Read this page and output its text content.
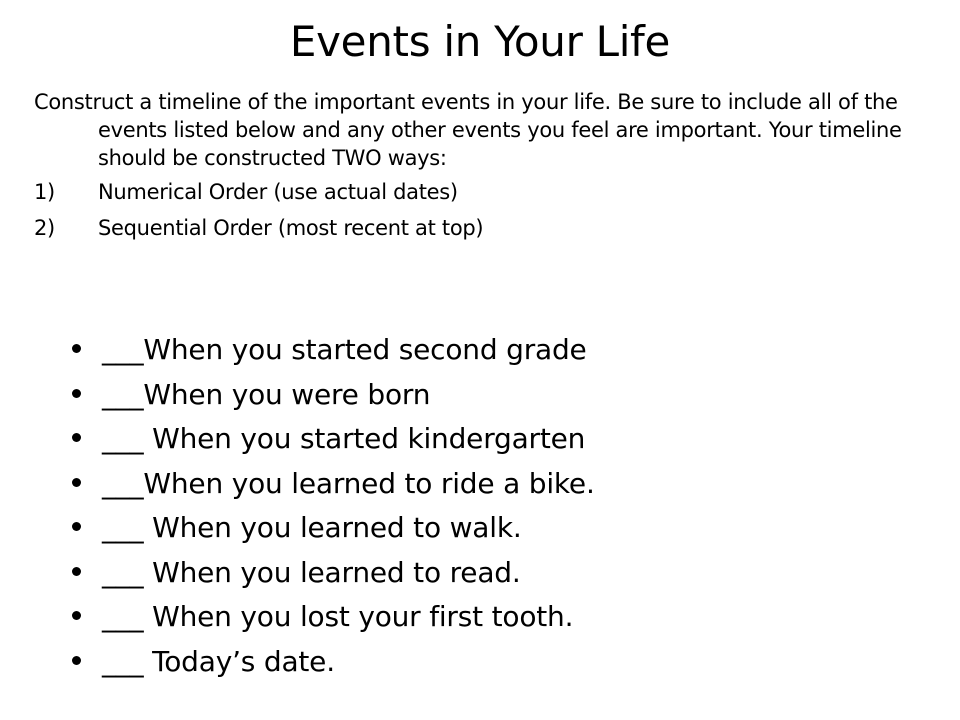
Events in Your Life

Construct a timeline of the important events in your life. Be sure to include all of the events listed below and any other events you feel are important. Your timeline should be constructed TWO ways:

1) Numerical Order (use actual dates)
2) Sequential Order (most recent at top)
___When you started second grade
___When you were born
___ When you started kindergarten
___When you learned to ride a bike.
___ When you learned to walk.
___ When you learned to read.
___ When you lost your first tooth.
___ Today’s date.
